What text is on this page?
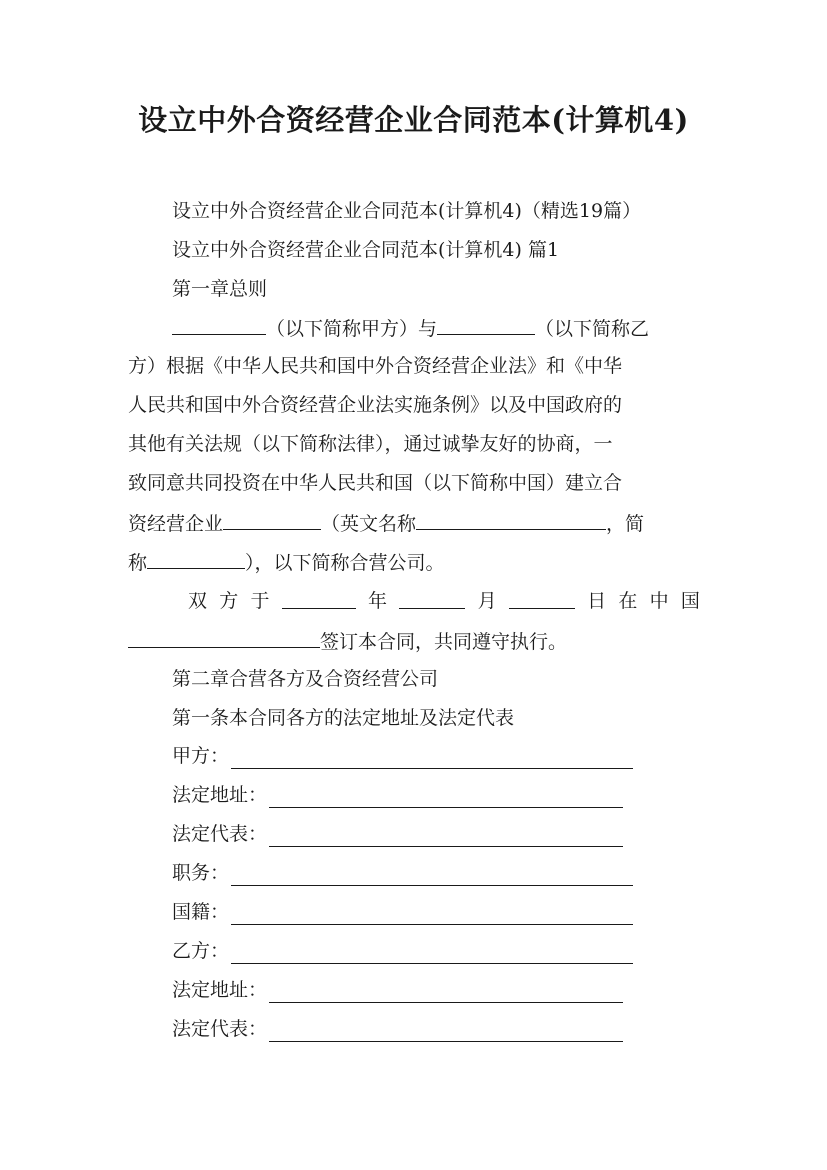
设立中外合资经营企业合同范本(计算机4)
设立中外合资经营企业合同范本(计算机4)（精选19篇）
设立中外合资经营企业合同范本(计算机4) 篇1
第一章总则
（以下简称甲方）与	（以下简称乙
方）根据《中华人民共和国中外合资经营企业法》和《中华
人民共和国中外合资经营企业法实施条例》以及中国政府的
其他有关法规（以下简称法律），通过诚挚友好的协商，一
致同意共同投资在中华人民共和国（以下简称中国）建立合
资经营企业	（英文名称	，简
称	），以下简称合营公司。
双 方 于	年	月	日 在 中 国
签订本合同，共同遵守执行。
第二章合营各方及合资经营公司
第一条本合同各方的法定地址及法定代表
甲方：
法定地址：
法定代表：
职务：
国籍：
乙方：
法定地址：
法定代表：
